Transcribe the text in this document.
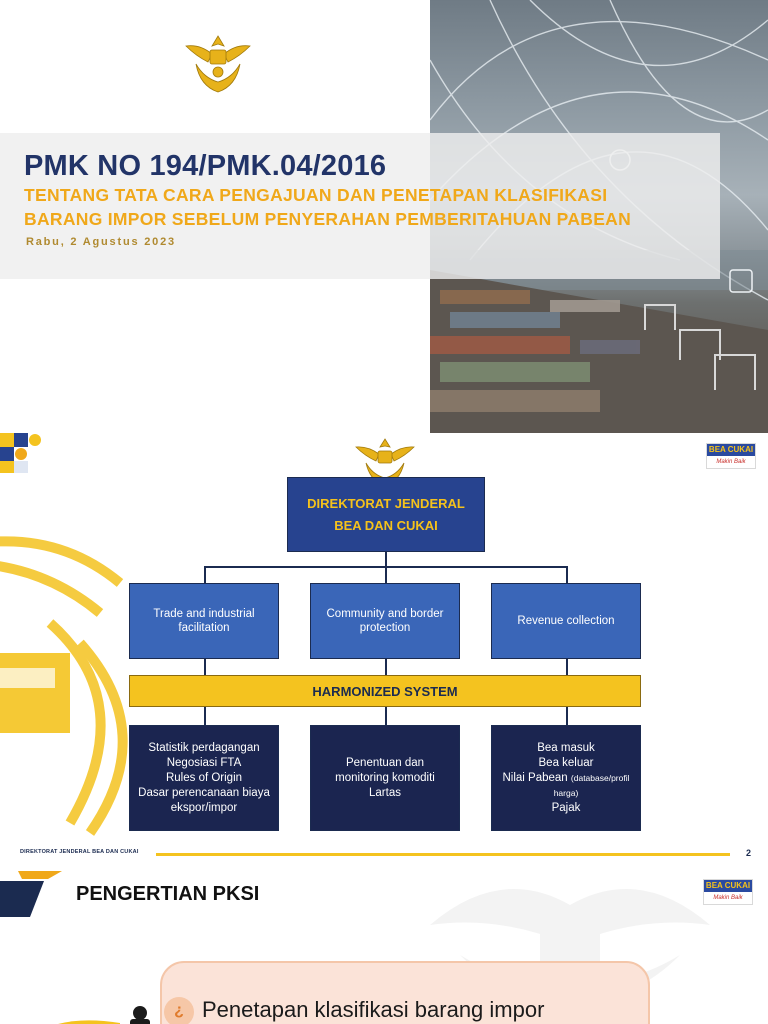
PMK NO 194/PMK.04/2016
TENTANG TATA CARA PENGAJUAN DAN PENETAPAN KLASIFIKASI
BARANG IMPOR SEBELUM PENYERAHAN PEMBERITAHUAN PABEAN
Rabu, 2 Agustus 2023
BEA CUKAI
Makin Baik
DIREKTORAT JENDERAL
BEA DAN CUKAI
Trade and industrial facilitation
Community and border protection
Revenue collection
HARMONIZED SYSTEM
Statistik perdagangan
Negosiasi FTA
Rules of Origin
Dasar perencanaan biaya
ekspor/impor
Penentuan dan monitoring komoditi Lartas
Bea masuk
Bea keluar
Nilai Pabean (database/profil harga)
Pajak
DIREKTORAT JENDERAL BEA DAN CUKAI	2
PENGERTIAN PKSI	BEA CUKAI
Makin Baik
¿ Penetapan klasifikasi barang impor
